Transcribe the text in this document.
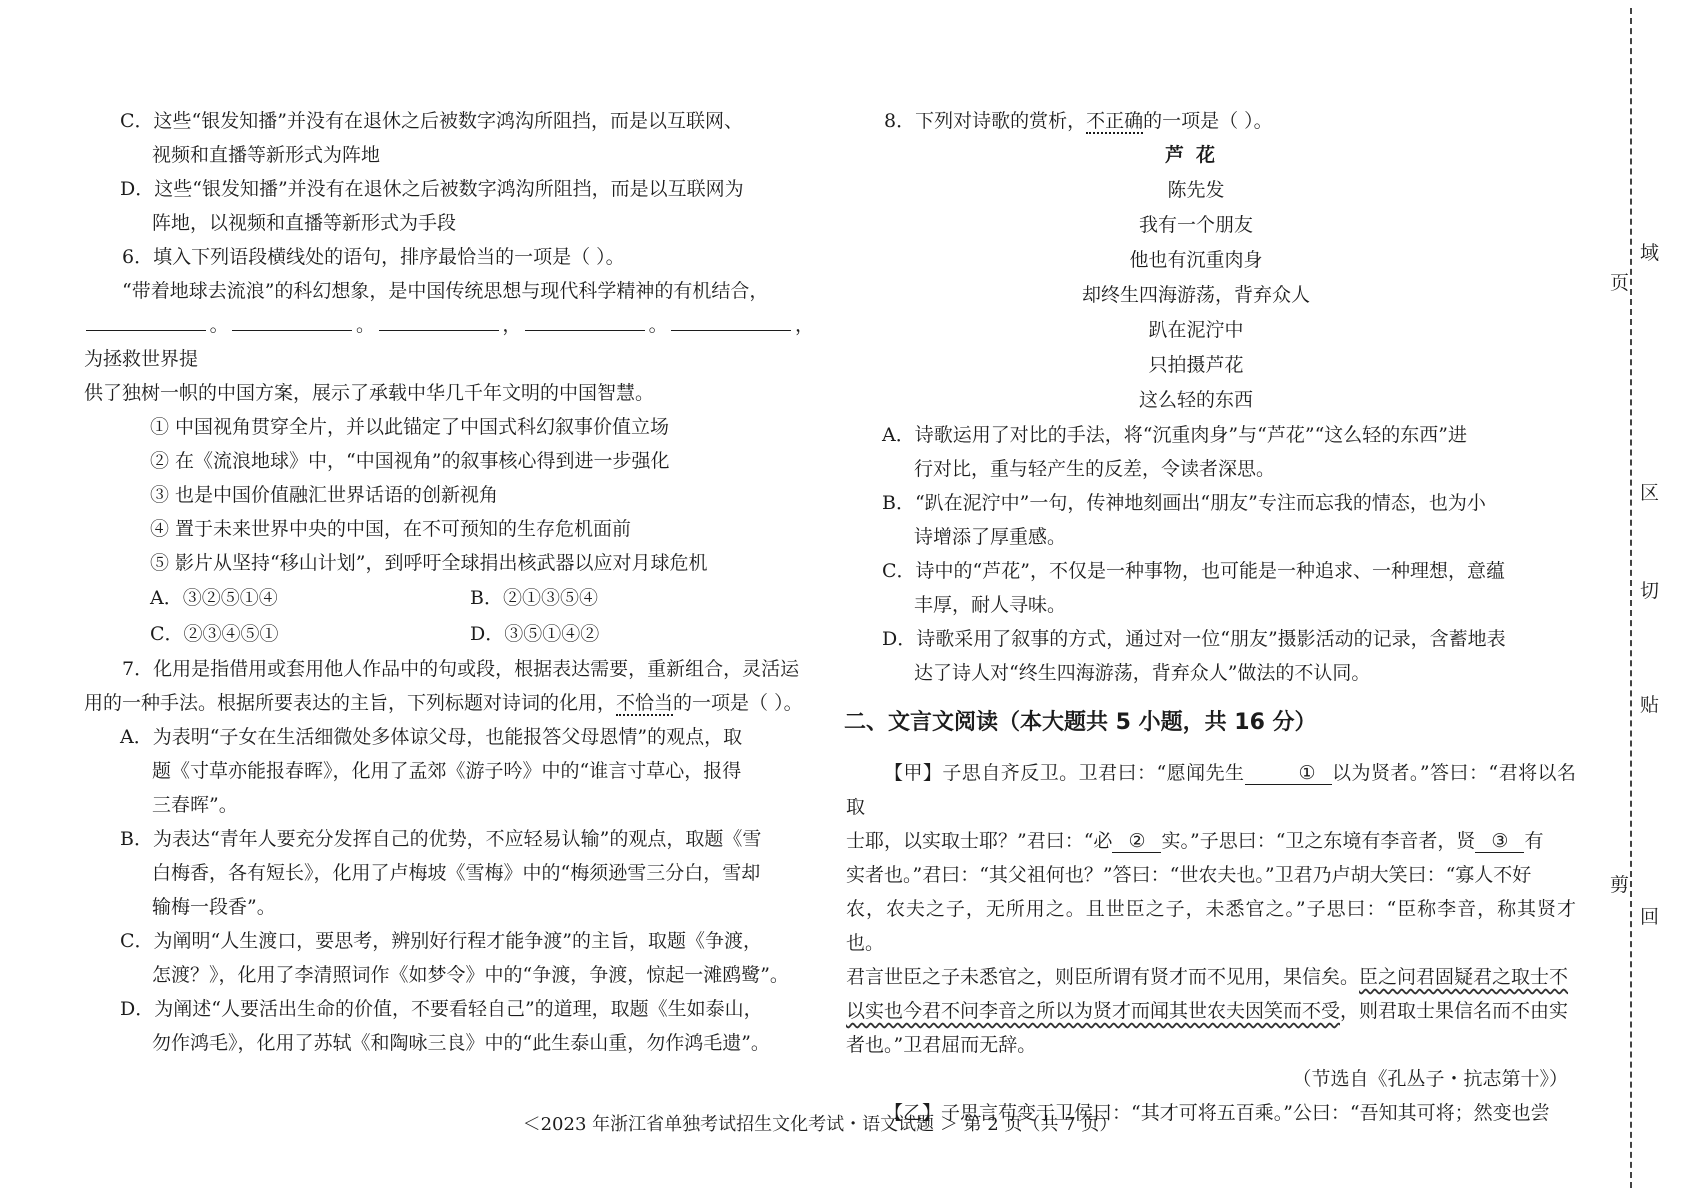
C．这些“银发知播”并没有在退休之后被数字鸿沟所阻挡，而是以互联网、
视频和直播等新形式为阵地

D．这些“银发知播”并没有在退休之后被数字鸿沟所阻挡，而是以互联网为
阵地，以视频和直播等新形式为手段

6．填入下列语段横线处的语句，排序最恰当的一项是（ ）。

“带着地球去流浪”的科幻想象，是中国传统思想与现代科学精神的有机结合，

。	。	，	。	，为拯救世界提

供了独树一帜的中国方案，展示了承载中华几千年文明的中国智慧。

① 中国视角贯穿全片，并以此锚定了中国式科幻叙事价值立场

② 在《流浪地球》中，“中国视角”的叙事核心得到进一步强化

③ 也是中国价值融汇世界话语的创新视角

④ 置于未来世界中央的中国，在不可预知的生存危机面前

⑤ 影片从坚持“移山计划”，到呼吁全球捐出核武器以应对月球危机

A．③②⑤①④	B．②①③⑤④
C．②③④⑤①	D．③⑤①④②

7．化用是指借用或套用他人作品中的句或段，根据表达需要，重新组合，灵活运

用的一种手法。根据所要表达的主旨，下列标题对诗词的化用，不恰当的一项是（ ）。

A．为表明“子女在生活细微处多体谅父母，也能报答父母恩情”的观点，取
题《寸草亦能报春晖》，化用了孟郊《游子吟》中的“谁言寸草心，报得
三春晖”。

B．为表达“青年人要充分发挥自己的优势，不应轻易认输”的观点，取题《雪
白梅香，各有短长》，化用了卢梅坡《雪梅》中的“梅须逊雪三分白，雪却
输梅一段香”。

C．为阐明“人生渡口，要思考，辨别好行程才能争渡”的主旨，取题《争渡，
怎渡？》，化用了李清照词作《如梦令》中的“争渡，争渡，惊起一滩鸥鹭”。

D．为阐述“人要活出生命的价值，不要看轻自己”的道理，取题《生如泰山，
勿作鸿毛》，化用了苏轼《和陶咏三良》中的“此生泰山重，勿作鸿毛遗”。

8．下列对诗歌的赏析，不正确的一项是（ ）。

芦花

陈先发

我有一个朋友

他也有沉重肉身

却终生四海游荡，背弃众人

趴在泥泞中

只拍摄芦花

这么轻的东西

A．诗歌运用了对比的手法，将“沉重肉身”与“芦花”“这么轻的东西”进
行对比，重与轻产生的反差，令读者深思。

B．“趴在泥泞中”一句，传神地刻画出“朋友”专注而忘我的情态，也为小
诗增添了厚重感。

C．诗中的“芦花”，不仅是一种事物，也可能是一种追求、一种理想，意蕴
丰厚，耐人寻味。

D．诗歌采用了叙事的方式，通过对一位“朋友”摄影活动的记录，含蓄地表
达了诗人对“终生四海游荡，背弃众人”做法的不认同。

二、文言文阅读（本大题共 5 小题，共 16 分）

【甲】子思自齐反卫。卫君曰：“愿闻先生	① 以为贤者。”答曰：“君将以名取

士耶，以实取士耶？”君曰：“必 ② 实。”子思曰：“卫之东境有李音者，贤 ③ 有

实者也。”君曰：“其父祖何也？”答曰：“世农夫也。”卫君乃卢胡大笑曰：“寡人不好

农，农夫之子，无所用之。且世臣之子，未悉官之。”子思曰：“臣称李音，称其贤才也。

君言世臣之子未悉官之，则臣所谓有贤才而不见用，果信矣。臣之问君固疑君之取士不

以实也今君不问李音之所以为贤才而闻其世农夫因笑而不受，则君取士果信名而不由实

者也。”卫君屈而无辞。

（节选自《孔丛子・抗志第十》）

【乙】子思言苟变于卫侯曰：“其才可将五百乘。”公曰：“吾知其可将；然变也尝

＜2023 年浙江省单独考试招生文化考试・语文试题 ＞ 第 2 页（共 7 页）
域
页
区
切
贴
剪
回
